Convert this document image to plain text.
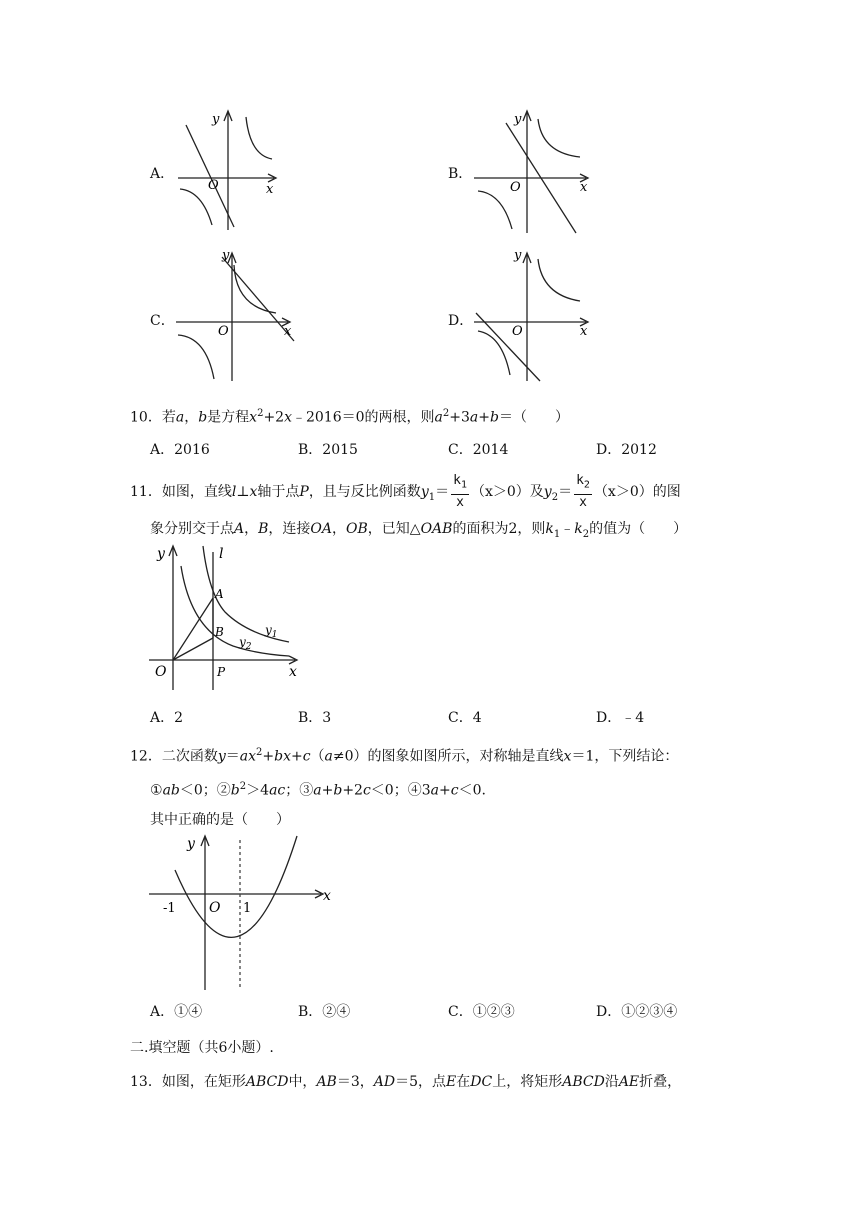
A．
y
x
O
B．
y
x
O
C．
y
x
O
D．
y
x
O
10．若a，b是方程$x^2+2x﹣2016=0$的两根，则$a^2+3a+b=$（　　）
A．2016	B．2015	C．2014	D．2012
11．如图，直线l⊥x轴于点P，且与反比例函数$y_1= \frac{k_1}{x} (x>0)$及$y_2= \frac{k_2}{x} (x>0)$的图
象分别交于点A，B，连接OA，OB，已知△OAB的面积为2，则$k_1﹣k_2$的值为（　　）
y	l
A
B	$y_1$
$y_2$
O	P	x
A．2	B．3	C．4	D．﹣4
12．二次函数$y=ax^2+bx+c(a\ne 0)$的图象如图所示，对称轴是直线x＝1，下列结论：
①ab＜0；$②b^2>4ac$；③a+b+2c＜0；④3a+c＜0.
其中正确的是（　　）
y
x
O
-1	1
A．①④	B．②④	C．①②③	D．①②③④
二.填空题（共6小题）.
13．如图，在矩形ABCD中，AB＝3，AD＝5，点E在DC上，将矩形ABCD沿AE折叠，
